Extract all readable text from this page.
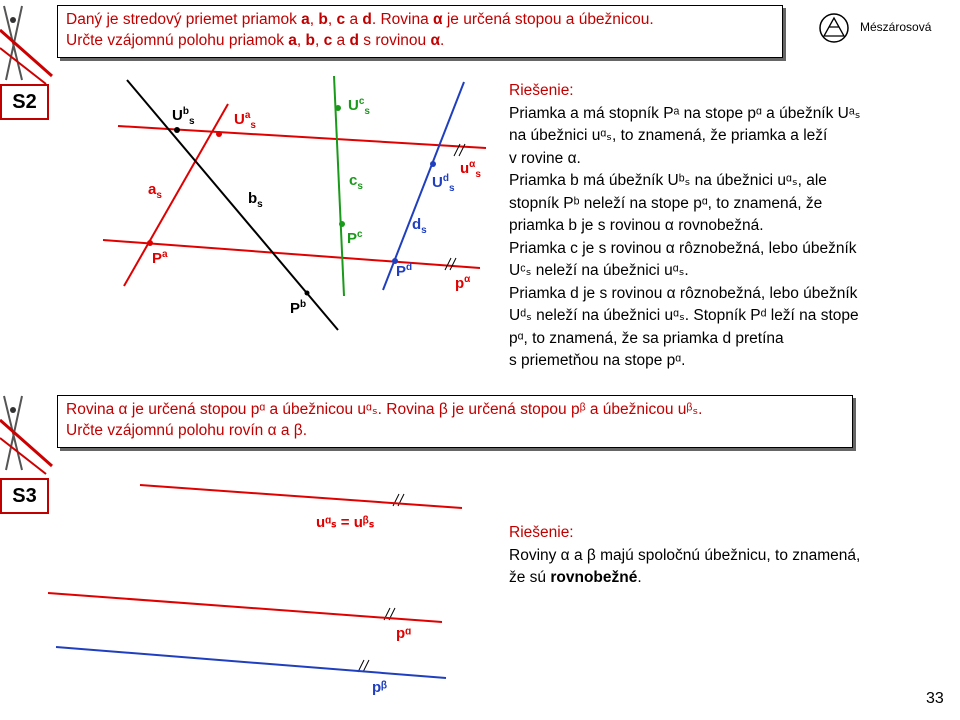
Mészárosová
33
Daný je stredový priemet priamok a, b, c a d. Rovina α je určená stopou a úbežnicou.
Určte vzájomnú polohu priamok a, b, c a d s rovinou α.
S2
$U^b_s$	$U^a_s$
$U^c_s$
$a_s$	$b_s$
$c_s$
$d_s$
$U^d_s$
$u^\alpha_s$
$P^a$
$P^c$
$P^d$
$p^\alpha$
$P^b$
Riešenie:
Priamka a má stopník Pᵃ na stope pᵅ a úbežník Uᵃₛ
na úbežnici uᵅₛ, to znamená, že priamka a leží
v rovine α.
Priamka b má úbežník Uᵇₛ na úbežnici uᵅₛ, ale
stopník Pᵇ neleží na stope pᵅ, to znamená, že
priamka b je s rovinou α rovnobežná.
Priamka c je s rovinou α rôznobežná, lebo úbežník
Uᶜₛ neleží na úbežnici uᵅₛ.
Priamka d je s rovinou α rôznobežná, lebo úbežník
Uᵈₛ neleží na úbežnici uᵅₛ. Stopník Pᵈ leží na stope
pᵅ, to znamená, že sa priamka d pretína
s priemetňou na stope pᵅ.
Rovina α je určená stopou pᵅ a úbežnicou uᵅₛ. Rovina β je určená stopou pᵝ a úbežnicou uᵝₛ.
Určte vzájomnú polohu rovín α a β.
S3
uᵅₛ = uᵝₛ
pᵅ
pᵝ
Riešenie:
Roviny α a β majú spoločnú úbežnicu, to znamená,
že sú rovnobežné.
